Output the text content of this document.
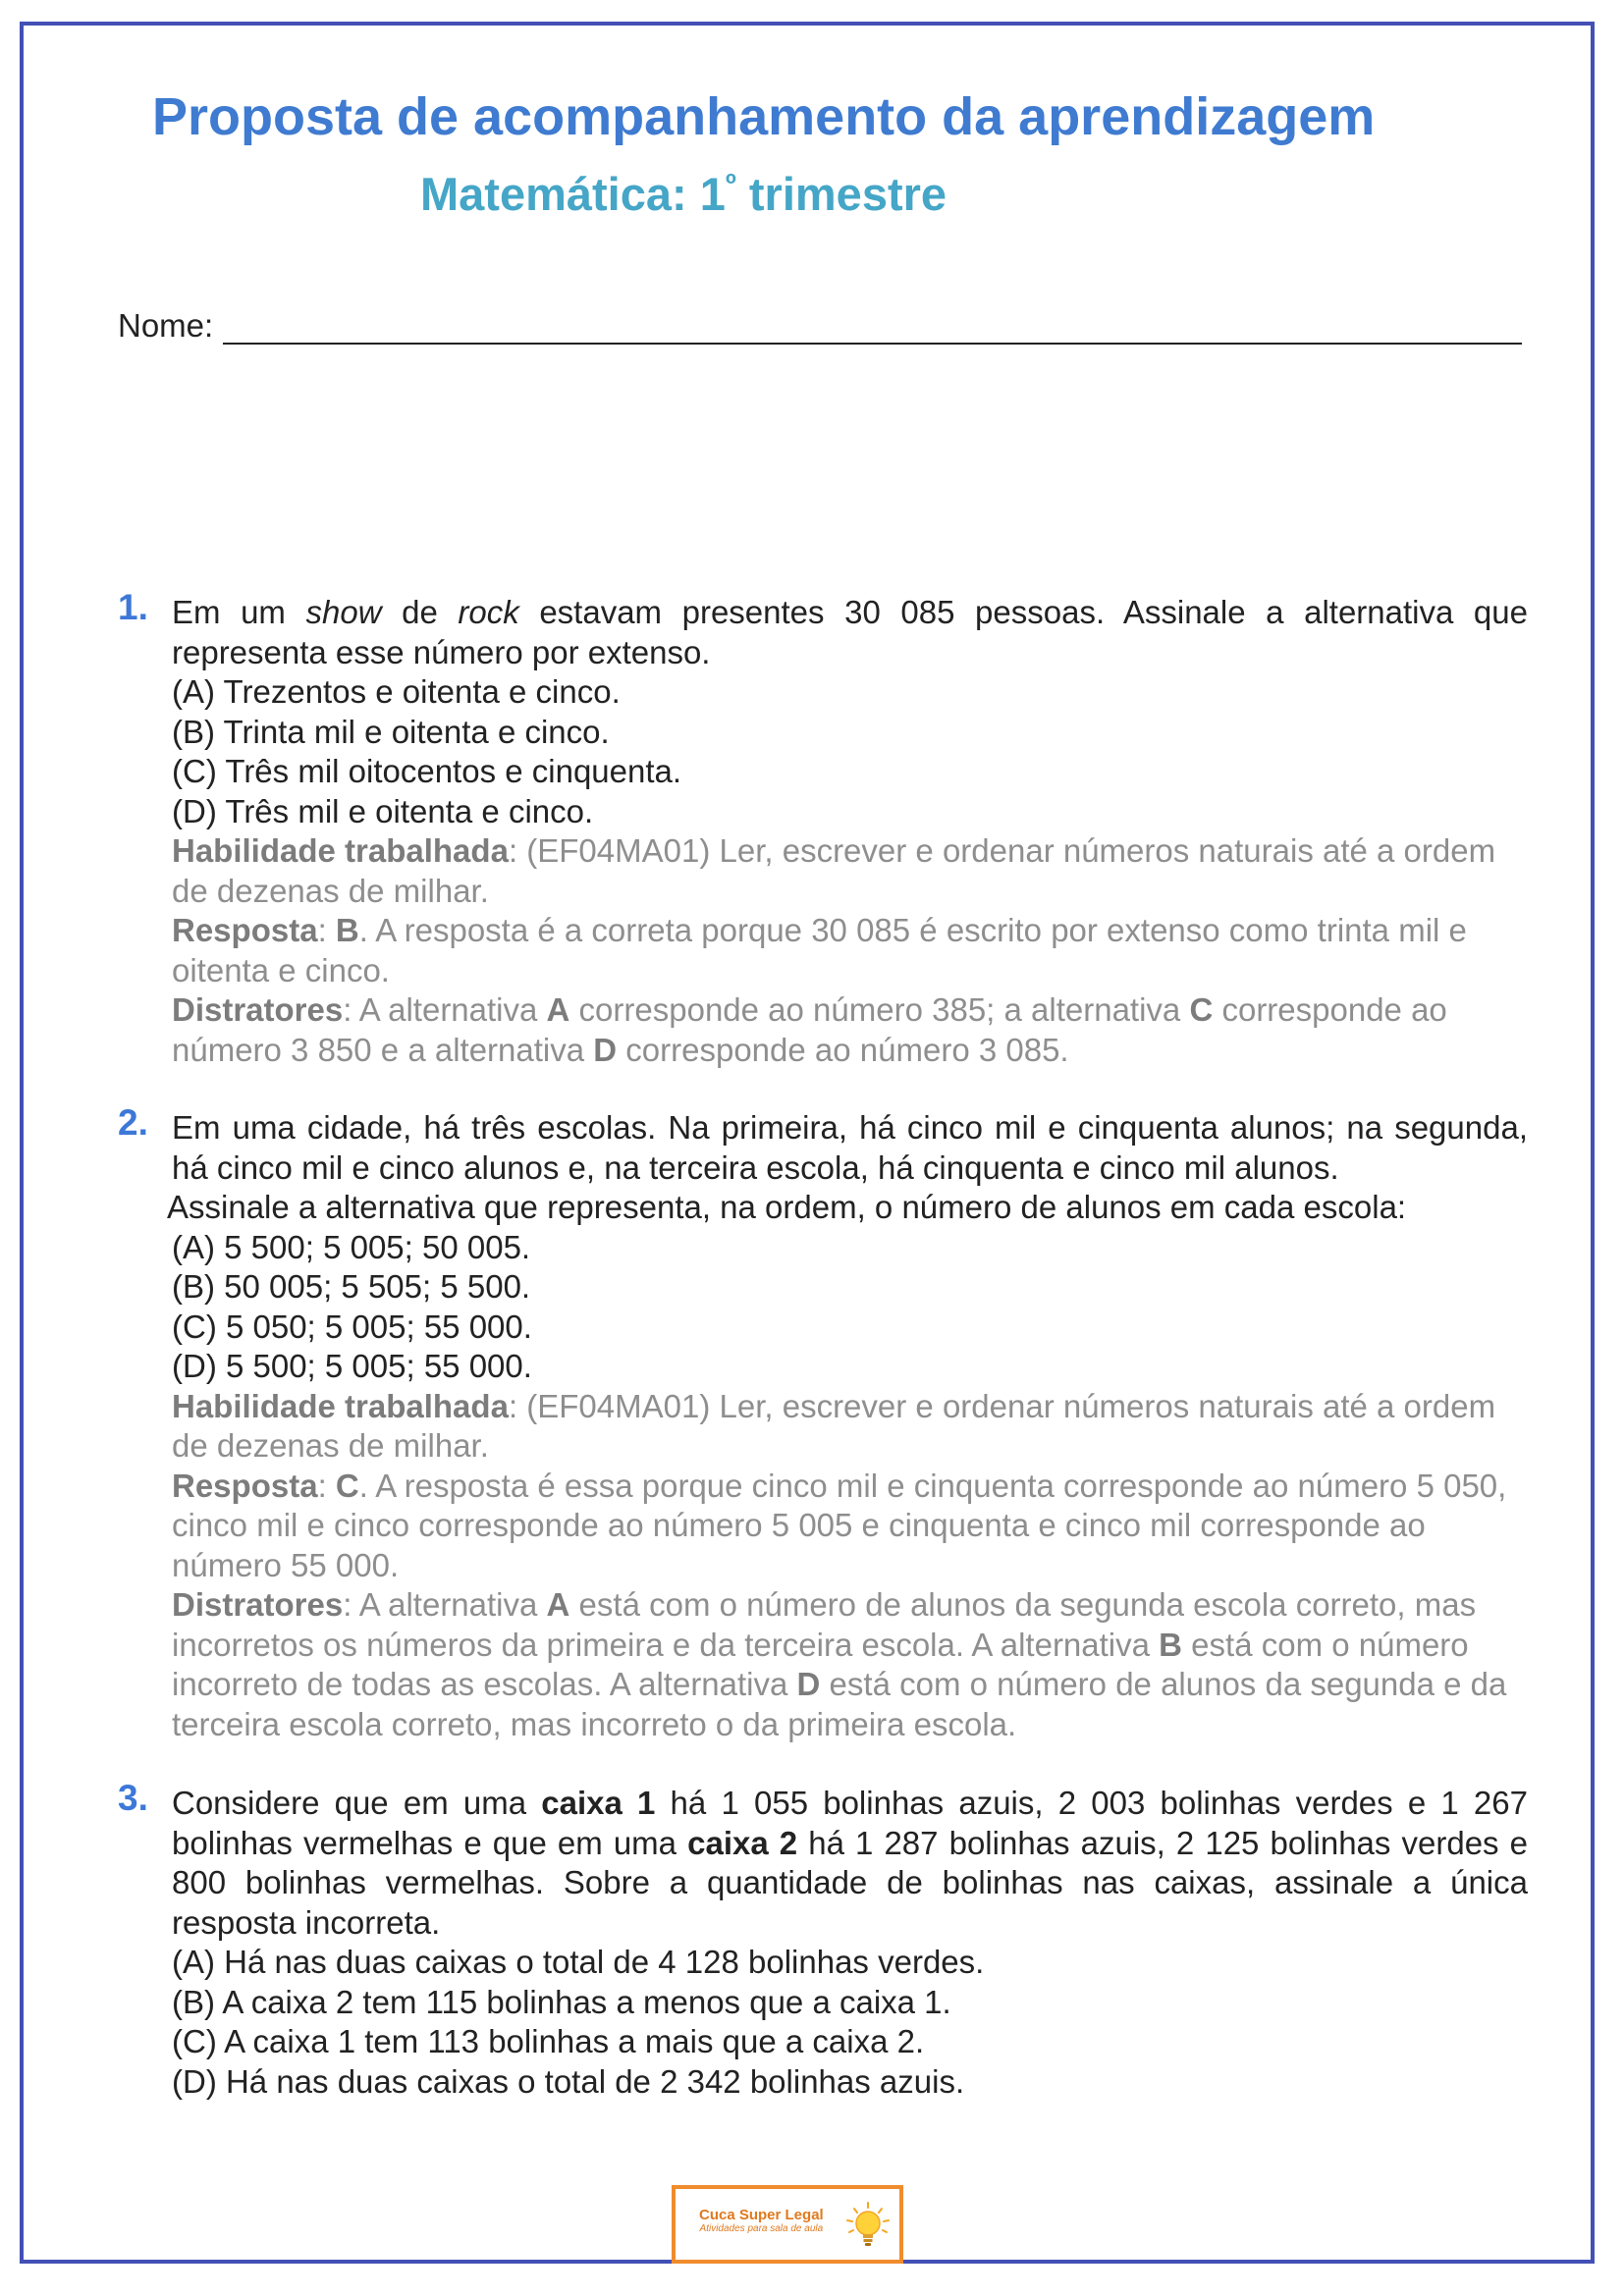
Proposta de acompanhamento da aprendizagem
Matemática: $1^º$ trimestre
Nome:
1. Em um show de rock estavam presentes 30 085 pessoas. Assinale a alternativa que representa esse número por extenso.
(A) Trezentos e oitenta e cinco.
(B) Trinta mil e oitenta e cinco.
(C) Três mil oitocentos e cinquenta.
(D) Três mil e oitenta e cinco.
Habilidade trabalhada: (EF04MA01) Ler, escrever e ordenar números naturais até a ordem de dezenas de milhar.
Resposta: B. A resposta é a correta porque 30 085 é escrito por extenso como trinta mil e oitenta e cinco.
Distratores: A alternativa A corresponde ao número 385; a alternativa C corresponde ao número 3 850 e a alternativa D corresponde ao número 3 085.
2. Em uma cidade, há três escolas. Na primeira, há cinco mil e cinquenta alunos; na segunda, há cinco mil e cinco alunos e, na terceira escola, há cinquenta e cinco mil alunos.
Assinale a alternativa que representa, na ordem, o número de alunos em cada escola:
(A) 5 500; 5 005; 50 005.
(B) 50 005; 5 505; 5 500.
(C) 5 050; 5 005; 55 000.
(D) 5 500; 5 005; 55 000.
Habilidade trabalhada: (EF04MA01) Ler, escrever e ordenar números naturais até a ordem de dezenas de milhar.
Resposta: C. A resposta é essa porque cinco mil e cinquenta corresponde ao número 5 050, cinco mil e cinco corresponde ao número 5 005 e cinquenta e cinco mil corresponde ao número 55 000.
Distratores: A alternativa A está com o número de alunos da segunda escola correto, mas incorretos os números da primeira e da terceira escola. A alternativa B está com o número incorreto de todas as escolas. A alternativa D está com o número de alunos da segunda e da terceira escola correto, mas incorreto o da primeira escola.
3. Considere que em uma caixa 1 há 1 055 bolinhas azuis, 2 003 bolinhas verdes e 1 267 bolinhas vermelhas e que em uma caixa 2 há 1 287 bolinhas azuis, 2 125 bolinhas verdes e 800 bolinhas vermelhas. Sobre a quantidade de bolinhas nas caixas, assinale a única resposta incorreta.
(A) Há nas duas caixas o total de 4 128 bolinhas verdes.
(B) A caixa 2 tem 115 bolinhas a menos que a caixa 1.
(C) A caixa 1 tem 113 bolinhas a mais que a caixa 2.
(D) Há nas duas caixas o total de 2 342 bolinhas azuis.
Cuca Super Legal
Atividades para sala de aula
